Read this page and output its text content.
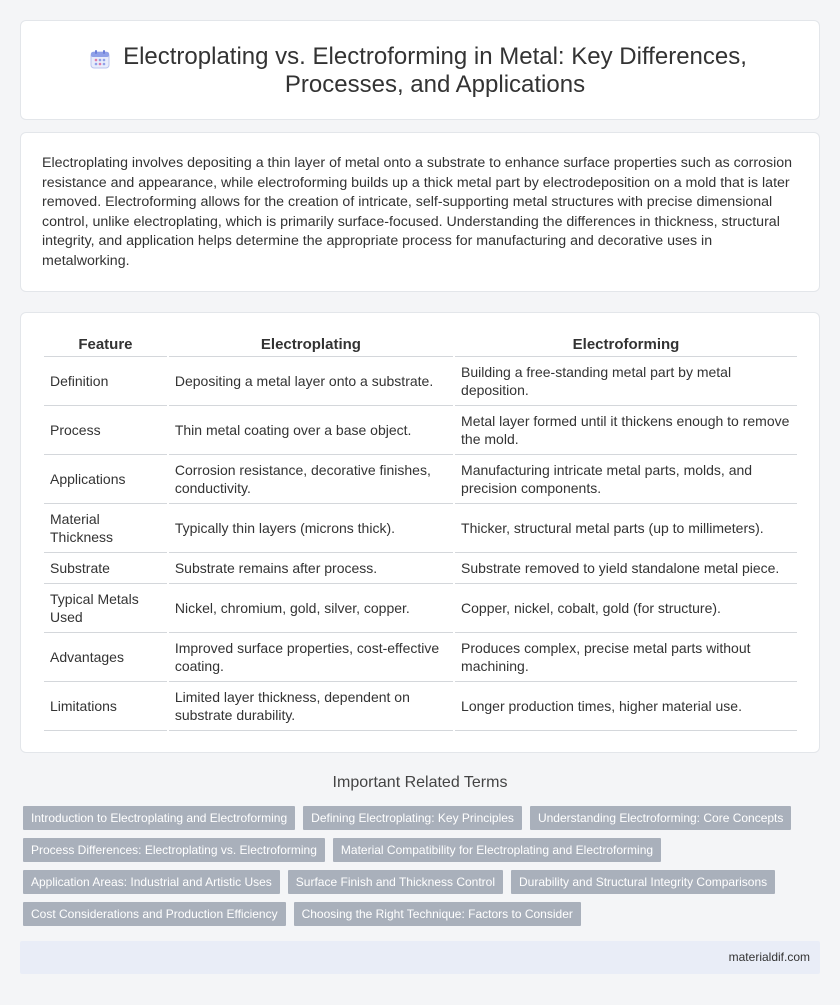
Electroplating vs. Electroforming in Metal: Key Differences, Processes, and Applications

Electroplating involves depositing a thin layer of metal onto a substrate to enhance surface properties such as corrosion resistance and appearance, while electroforming builds up a thick metal part by electrodeposition on a mold that is later removed. Electroforming allows for the creation of intricate, self-supporting metal structures with precise dimensional control, unlike electroplating, which is primarily surface-focused. Understanding the differences in thickness, structural integrity, and application helps determine the appropriate process for manufacturing and decorative uses in metalworking.

Feature	Electroplating	Electroforming
Definition	Depositing a metal layer onto a substrate.	Building a free-standing metal part by metal deposition.
Process	Thin metal coating over a base object.	Metal layer formed until it thickens enough to remove the mold.
Applications	Corrosion resistance, decorative finishes, conductivity.	Manufacturing intricate metal parts, molds, and precision components.
Material Thickness	Typically thin layers (microns thick).	Thicker, structural metal parts (up to millimeters).
Substrate	Substrate remains after process.	Substrate removed to yield standalone metal piece.
Typical Metals Used	Nickel, chromium, gold, silver, copper.	Copper, nickel, cobalt, gold (for structure).
Advantages	Improved surface properties, cost-effective coating.	Produces complex, precise metal parts without machining.
Limitations	Limited layer thickness, dependent on substrate durability.	Longer production times, higher material use.
Important Related Terms
Introduction to Electroplating and Electroforming	Defining Electroplating: Key Principles	Understanding Electroforming: Core Concepts
Process Differences: Electroplating vs. Electroforming	Material Compatibility for Electroplating and Electroforming
Application Areas: Industrial and Artistic Uses	Surface Finish and Thickness Control	Durability and Structural Integrity Comparisons
Cost Considerations and Production Efficiency	Choosing the Right Technique: Factors to Consider
materialdif.com
